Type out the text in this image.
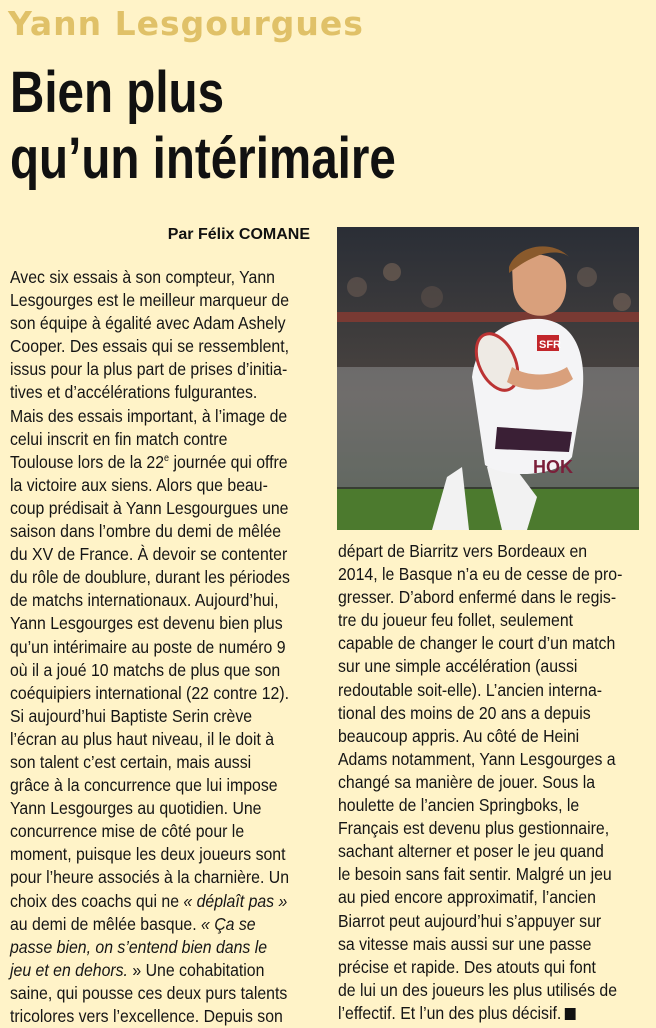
Yann Lesgourgues
Bien plus
qu’un intérimaire
Par Félix COMANE
SFR
HOK
Avec six essais à son compteur, Yann
Lesgourges est le meilleur marqueur de
son équipe à égalité avec Adam Ashely
Cooper. Des essais qui se ressemblent,
issus pour la plus part de prises d’initia-
tives et d’accélérations fulgurantes.
Mais des essais important, à l’image de
celui inscrit en fin match contre
Toulouse lors de la 22e journée qui offre
la victoire aux siens. Alors que beau-
coup prédisait à Yann Lesgourgues une
saison dans l’ombre du demi de mêlée
du XV de France. À devoir se contenter
du rôle de doublure, durant les périodes
de matchs internationaux. Aujourd’hui,
Yann Lesgourges est devenu bien plus
qu’un intérimaire au poste de numéro 9
où il a joué 10 matchs de plus que son
coéquipiers international (22 contre 12).
Si aujourd’hui Baptiste Serin crève
l’écran au plus haut niveau, il le doit à
son talent c’est certain, mais aussi
grâce à la concurrence que lui impose
Yann Lesgourges au quotidien. Une
concurrence mise de côté pour le
moment, puisque les deux joueurs sont
pour l’heure associés à la charnière. Un
choix des coachs qui ne « déplaît pas »
au demi de mêlée basque. « Ça se
passe bien, on s’entend bien dans le
jeu et en dehors. » Une cohabitation
saine, qui pousse ces deux purs talents
tricolores vers l’excellence. Depuis son
départ de Biarritz vers Bordeaux en
2014, le Basque n’a eu de cesse de pro-
gresser. D’abord enfermé dans le regis-
tre du joueur feu follet, seulement
capable de changer le court d’un match
sur une simple accélération (aussi
redoutable soit-elle). L’ancien interna-
tional des moins de 20 ans a depuis
beaucoup appris. Au côté de Heini
Adams notamment, Yann Lesgourges a
changé sa manière de jouer. Sous la
houlette de l’ancien Springboks, le
Français est devenu plus gestionnaire,
sachant alterner et poser le jeu quand
le besoin sans fait sentir. Malgré un jeu
au pied encore approximatif, l’ancien
Biarrot peut aujourd’hui s’appuyer sur
sa vitesse mais aussi sur une passe
précise et rapide. Des atouts qui font
de lui un des joueurs les plus utilisés de
l’effectif. Et l’un des plus décisif.
